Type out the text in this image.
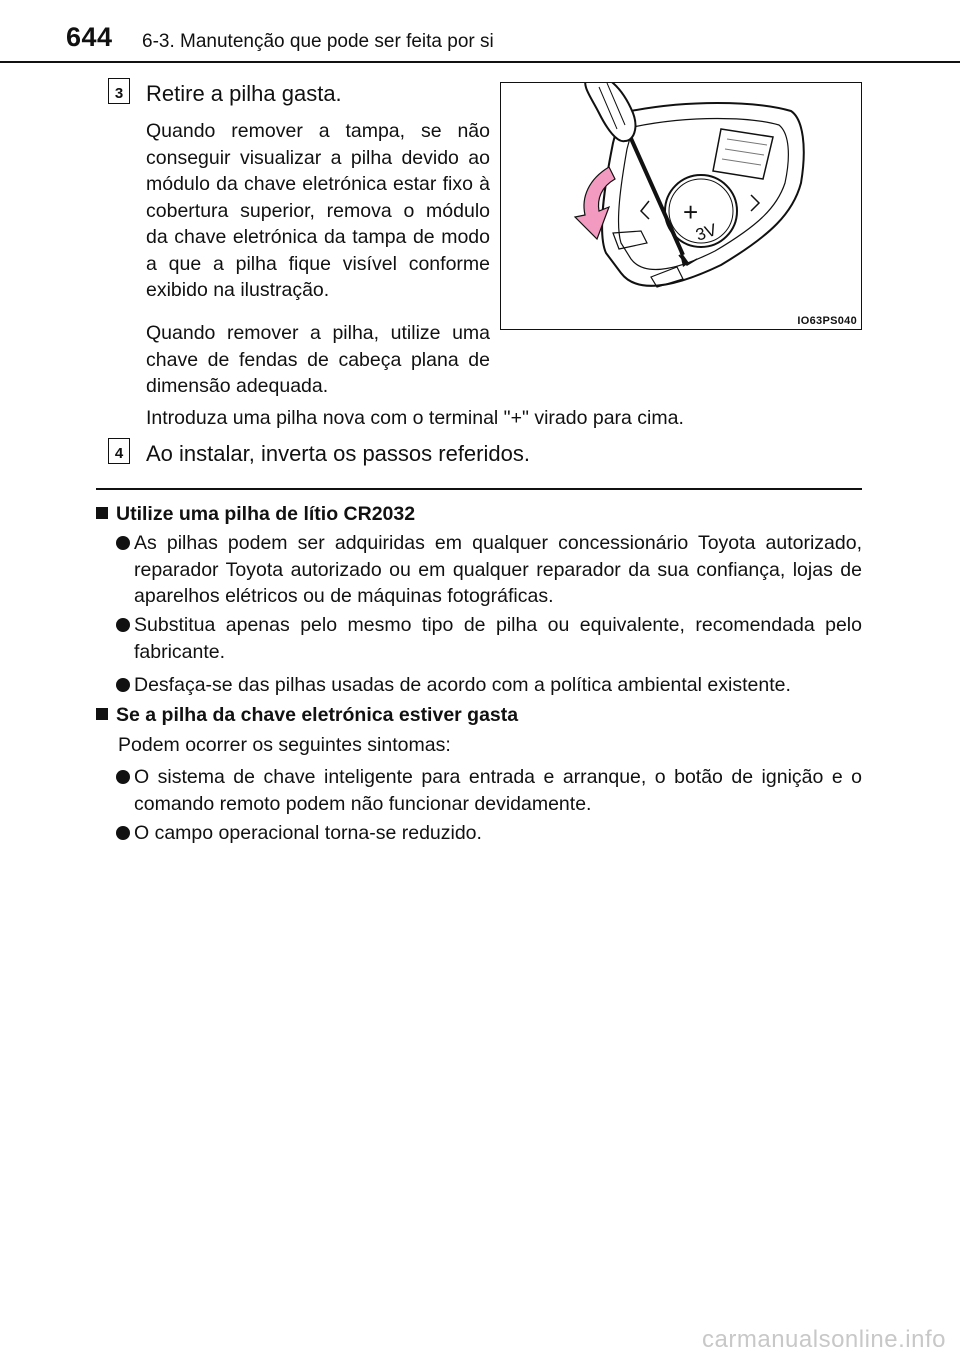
644 6-3. Manutenção que pode ser feita por si
3	Retire a pilha gasta.
Quando remover a tampa, se não conseguir visualizar a pilha devido ao módulo da chave eletrónica estar fixo à cobertura superior, remova o módulo da chave eletrónica da tampa de modo a que a pilha fique visível conforme exibido na ilustração.
Quando remover a pilha, utilize uma chave de fendas de cabeça plana de dimensão adequada.
Introduza uma pilha nova com o terminal "+" virado para cima.
+
3V
IO63PS040
4	Ao instalar, inverta os passos referidos.
Utilize uma pilha de lítio CR2032
As pilhas podem ser adquiridas em qualquer concessionário Toyota autorizado, reparador Toyota autorizado ou em qualquer reparador da sua confiança, lojas de aparelhos elétricos ou de máquinas fotográficas.
Substitua apenas pelo mesmo tipo de pilha ou equivalente, recomendada pelo fabricante.
Desfaça-se das pilhas usadas de acordo com a política ambiental existente.
Se a pilha da chave eletrónica estiver gasta
Podem ocorrer os seguintes sintomas:
O sistema de chave inteligente para entrada e arranque, o botão de ignição e o comando remoto podem não funcionar devidamente.
O campo operacional torna-se reduzido.
carmanualsonline.info
